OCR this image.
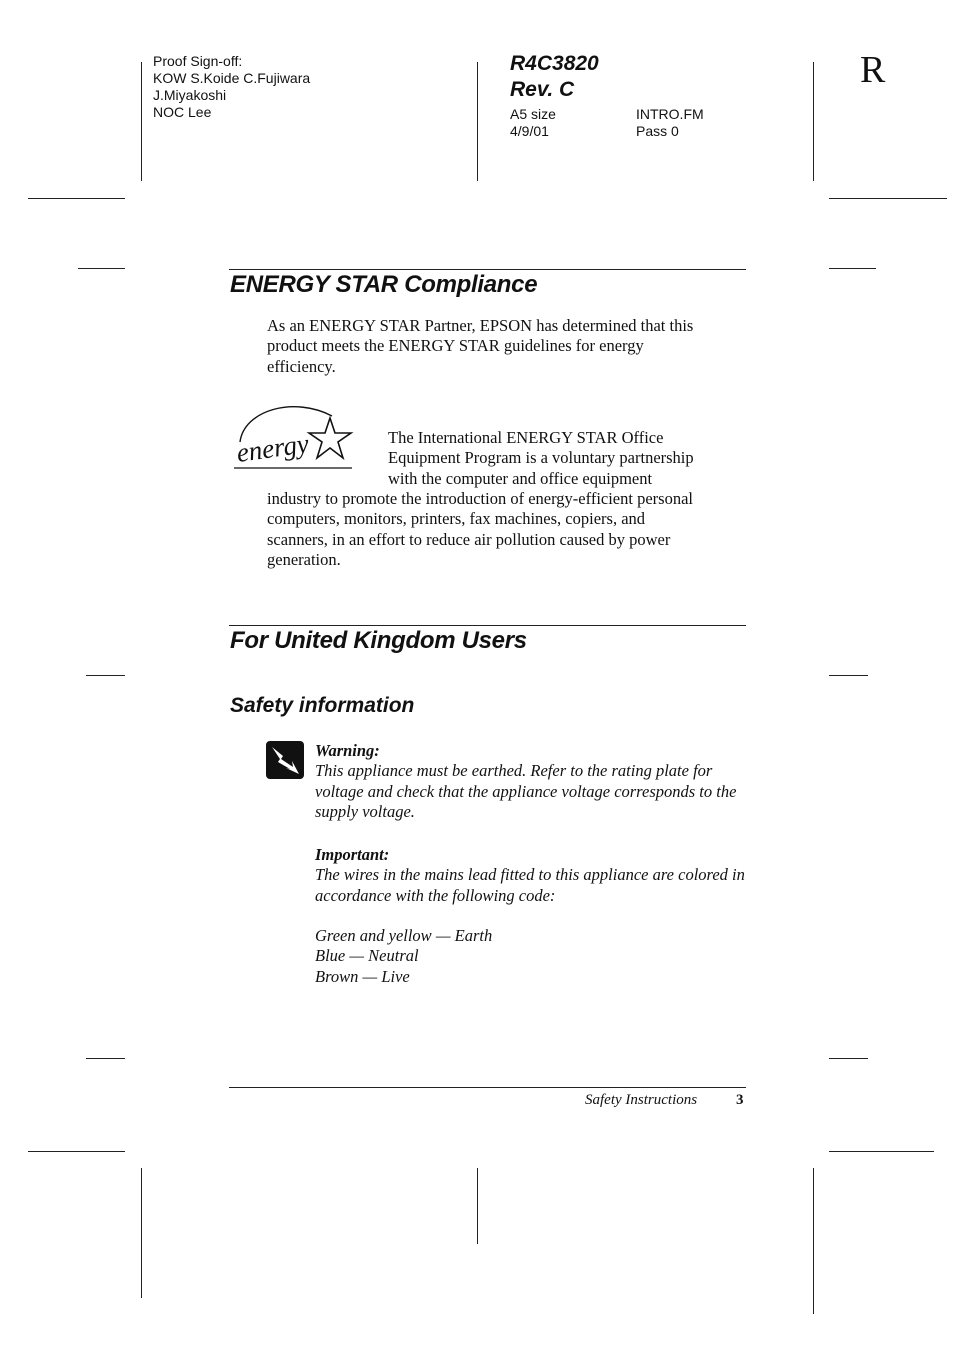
Proof Sign-off:
KOW S.Koide C.Fujiwara
J.Miyakoshi
NOC Lee
R4C3820
Rev. C
A5 size
4/9/01
INTRO.FM
Pass 0
R
ENERGY STAR Compliance
As an ENERGY STAR Partner, EPSON has determined that this
product meets the ENERGY STAR guidelines for energy
efficiency.
energy	The International ENERGY STAR Office
Equipment Program is a voluntary partnership
with the computer and office equipment
industry to promote the introduction of energy-efficient personal
computers, monitors, printers, fax machines, copiers, and
scanners, in an effort to reduce air pollution caused by power
generation.
For United Kingdom Users
Safety information
Warning:
This appliance must be earthed. Refer to the rating plate for
voltage and check that the appliance voltage corresponds to the
supply voltage.
Important:
The wires in the mains lead fitted to this appliance are colored in
accordance with the following code:
Green and yellow — Earth
Blue — Neutral
Brown — Live
Safety Instructions	3
